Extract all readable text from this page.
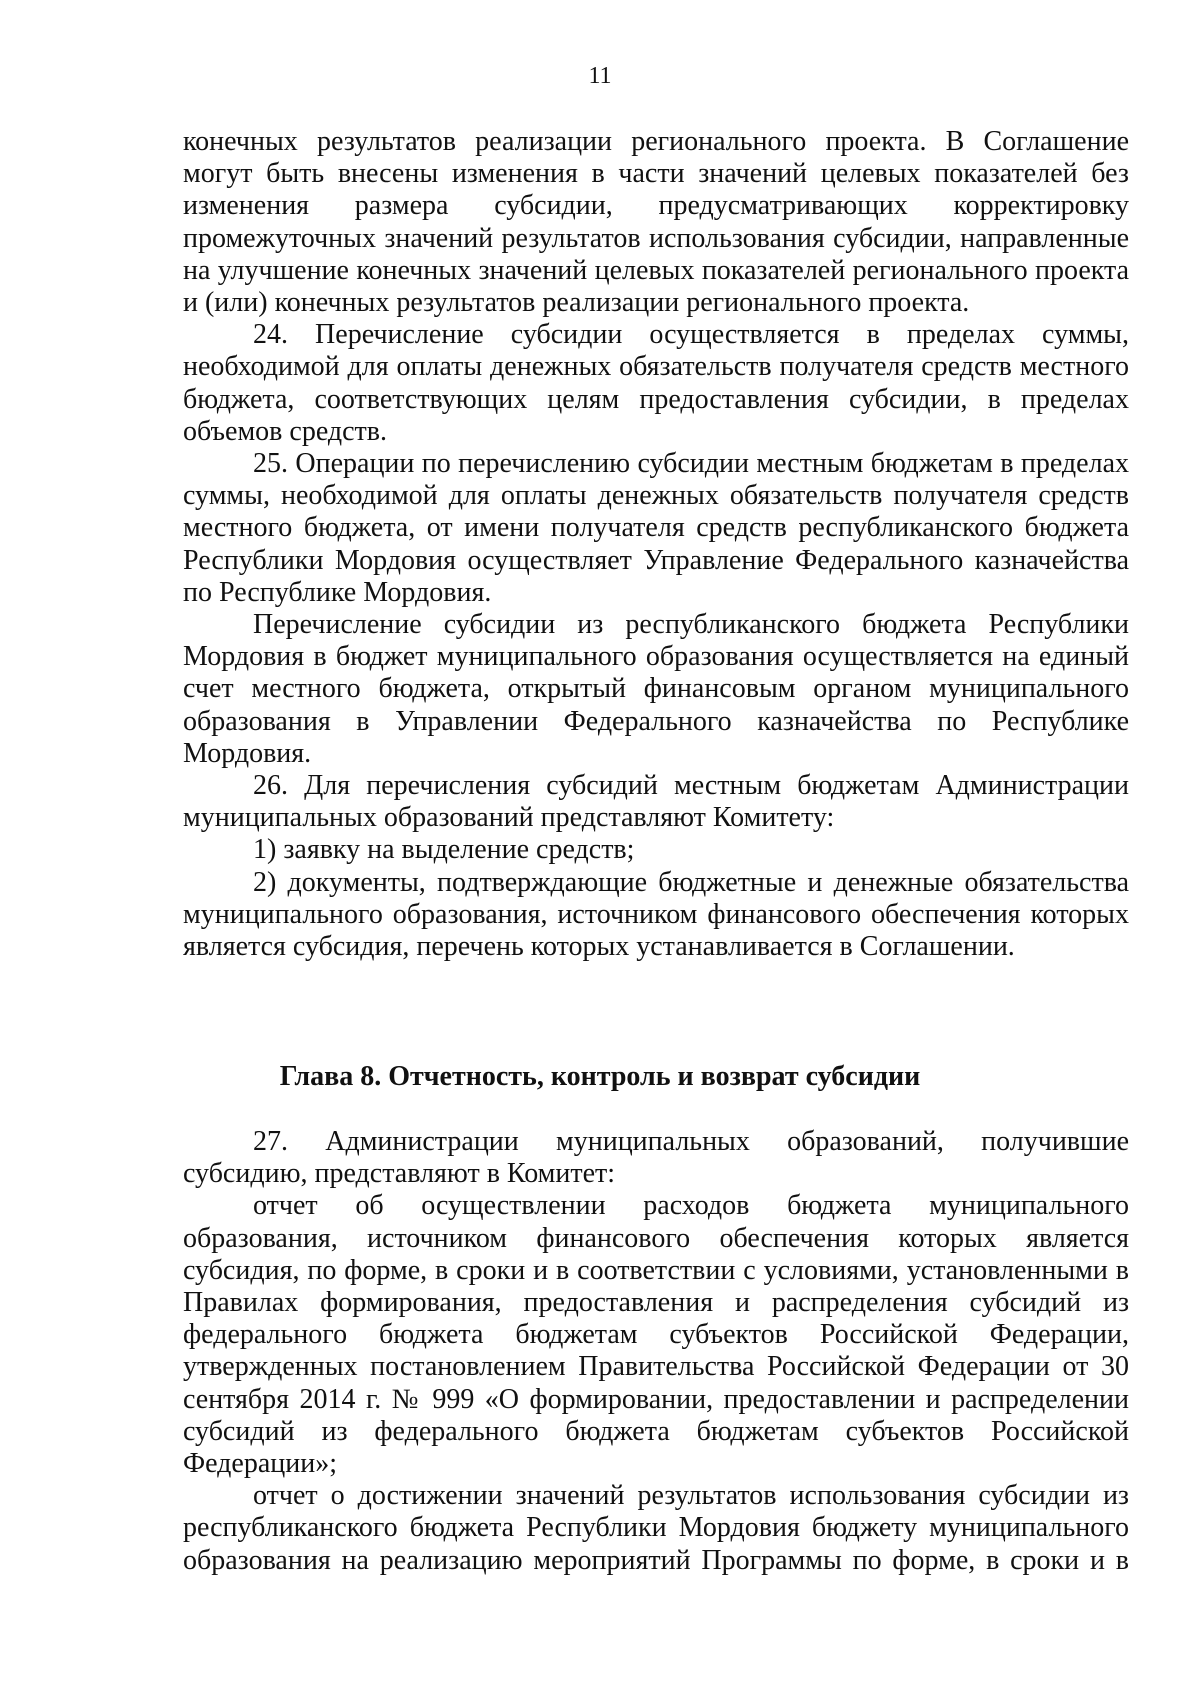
11

конечных результатов реализации регионального проекта. В Соглашение могут быть внесены изменения в части значений целевых показателей без изменения размера субсидии, предусматривающих корректировку промежуточных значений результатов использования субсидии, направленные на улучшение конечных значений целевых показателей регионального проекта и (или) конечных результатов реализации регионального проекта.

24. Перечисление субсидии осуществляется в пределах суммы, необходимой для оплаты денежных обязательств получателя средств местного бюджета, соответствующих целям предоставления субсидии, в пределах объемов средств.

25. Операции по перечислению субсидии местным бюджетам в пределах суммы, необходимой для оплаты денежных обязательств получателя средств местного бюджета, от имени получателя средств республиканского бюджета Республики Мордовия осуществляет Управление Федерального казначейства по Республике Мордовия.

Перечисление субсидии из республиканского бюджета Республики Мордовия в бюджет муниципального образования осуществляется на единый счет местного бюджета, открытый финансовым органом муниципального образования в Управлении Федерального казначейства по Республике Мордовия.

26. Для перечисления субсидий местным бюджетам Администрации муниципальных образований представляют Комитету:

1) заявку на выделение средств;

2) документы, подтверждающие бюджетные и денежные обязательства муниципального образования, источником финансового обеспечения которых является субсидия, перечень которых устанавливается в Соглашении.

Глава 8. Отчетность, контроль и возврат субсидии

27. Администрации муниципальных образований, получившие субсидию, представляют в Комитет:

отчет об осуществлении расходов бюджета муниципального образования, источником финансового обеспечения которых является субсидия, по форме, в сроки и в соответствии с условиями, установленными в Правилах формирования, предоставления и распределения субсидий из федерального бюджета бюджетам субъектов Российской Федерации, утвержденных постановлением Правительства Российской Федерации от 30 сентября 2014 г. № 999 «О формировании, предоставлении и распределении субсидий из федерального бюджета бюджетам субъектов Российской Федерации»;

отчет о достижении значений результатов использования субсидии из республиканского бюджета Республики Мордовия бюджету муниципального образования на реализацию мероприятий Программы по форме, в сроки и в
